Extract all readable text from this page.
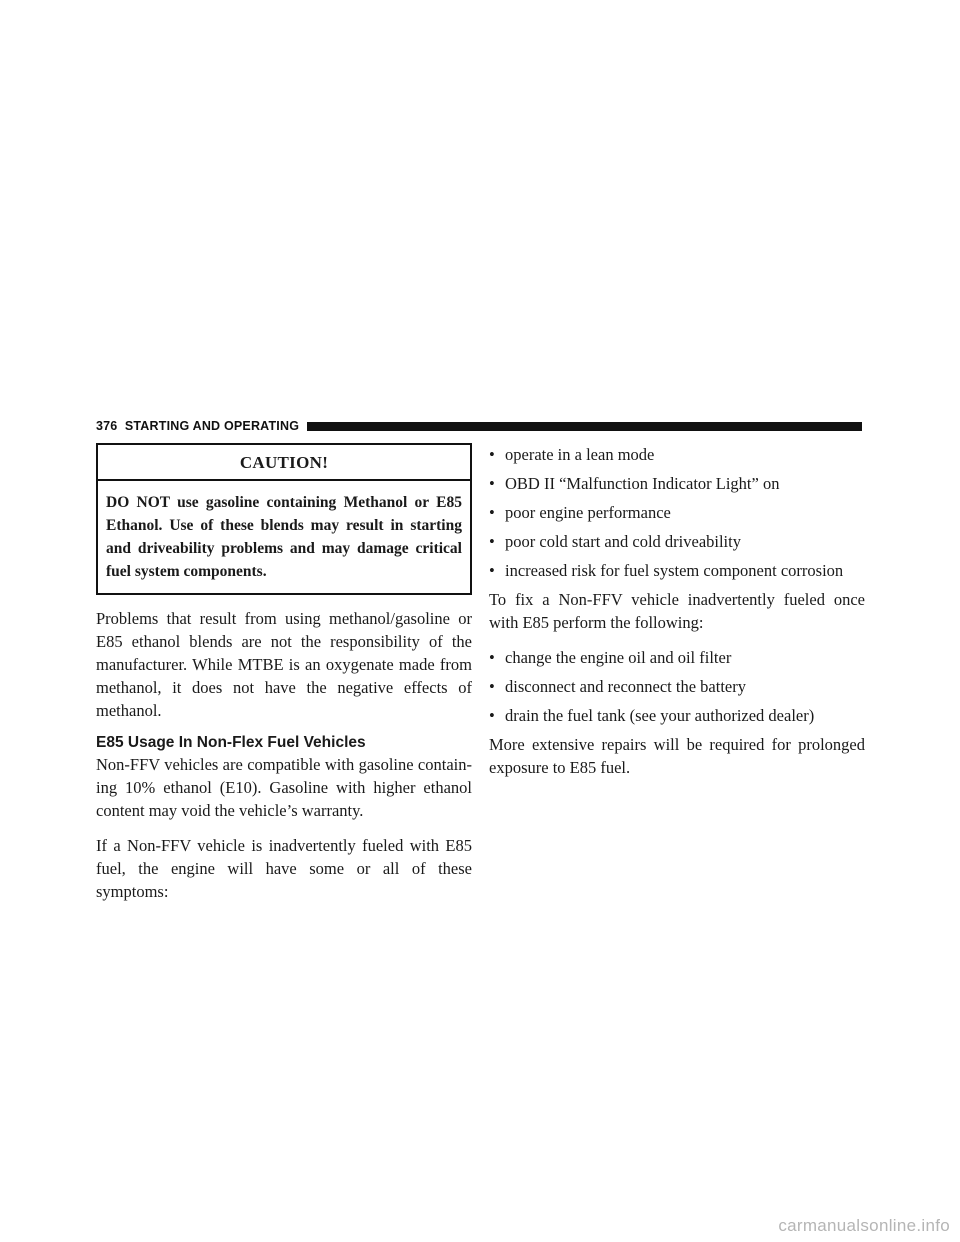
376 STARTING AND OPERATING
CAUTION!
DO NOT use gasoline containing Methanol or E85 Ethanol. Use of these blends may result in starting and driveability problems and may damage critical fuel system components.

Problems that result from using methanol/gasoline or E85 ethanol blends are not the responsibility of the manufacturer. While MTBE is an oxygenate made from methanol, it does not have the negative effects of methanol.

E85 Usage In Non-Flex Fuel Vehicles

Non-FFV vehicles are compatible with gasoline contain-ing 10% ethanol (E10). Gasoline with higher ethanol content may void the vehicle’s warranty.

If a Non-FFV vehicle is inadvertently fueled with E85 fuel, the engine will have some or all of these symptoms:

• operate in a lean mode
• OBD II “Malfunction Indicator Light” on
• poor engine performance
• poor cold start and cold driveability
• increased risk for fuel system component corrosion

To fix a Non-FFV vehicle inadvertently fueled once with E85 perform the following:

• change the engine oil and oil filter
• disconnect and reconnect the battery
• drain the fuel tank (see your authorized dealer)

More extensive repairs will be required for prolonged exposure to E85 fuel.

carmanualsonline.info
